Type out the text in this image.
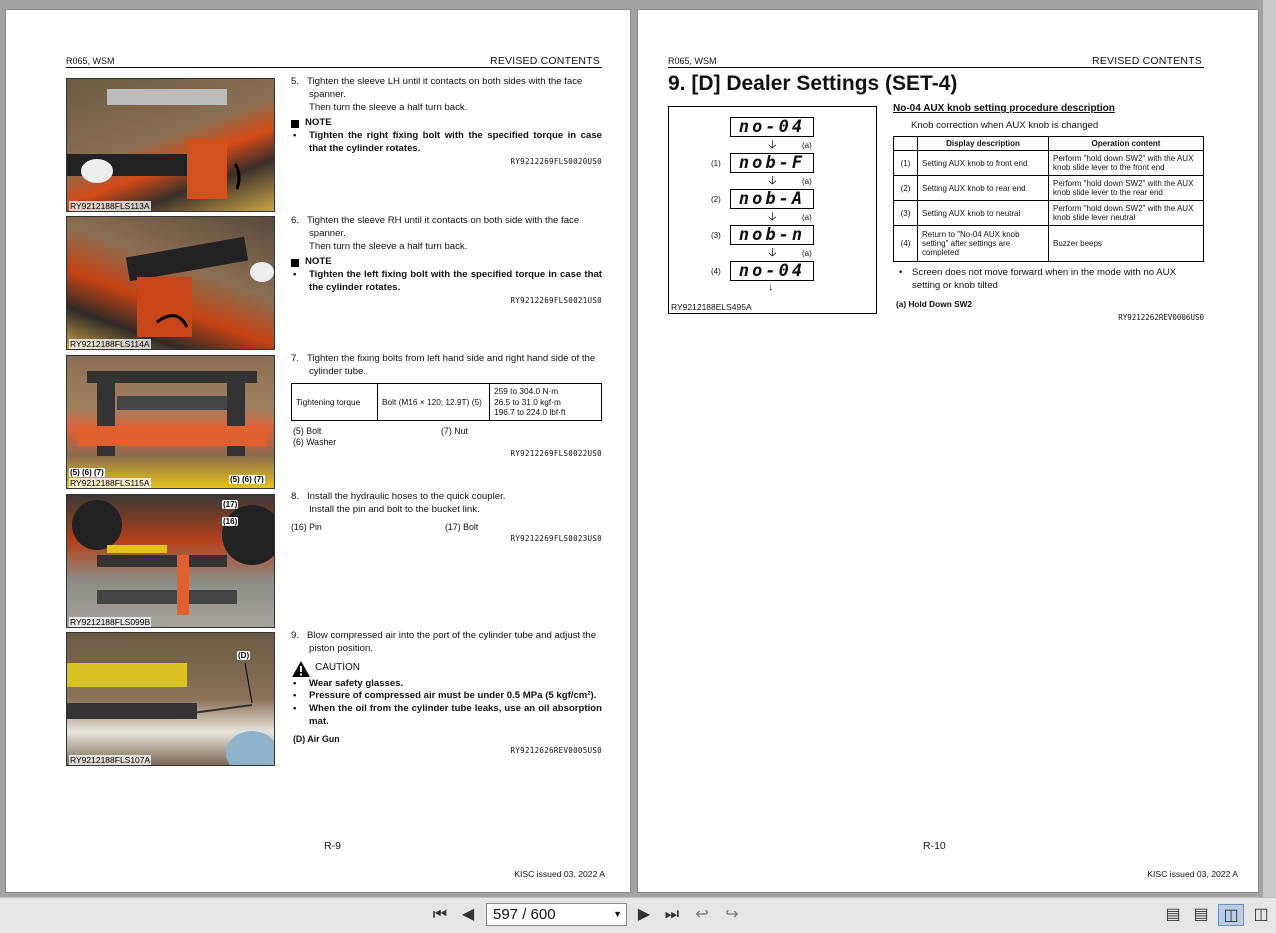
R065, WSM	REVISED CONTENTS
RY9212188FLS113A
RY9212188FLS114A
(5) (6) (7)
(5) (6) (7)
RY9212188FLS115A
(17)
(16)
RY9212188FLS099B
(D)
RY9212188FLS107A

5. Tighten the sleeve LH until it contacts on both sides with the face spanner.

Then turn the sleeve a half turn back.

NOTE

• Tighten the right fixing bolt with the specified torque in case that the cylinder rotates.

RY9212269FLS0020US0

6. Tighten the sleeve RH until it contacts on both side with the face spanner.

Then turn the sleeve a half turn back.

NOTE

• Tighten the left fixing bolt with the specified torque in case that the cylinder rotates.

RY9212269FLS0021US0

7. Tighten the fixing bolts from left hand side and right hand side of the cylinder tube.

Tightening torque	Bolt (M16 × 120; 12.9T) (5)	
259 to 304.0 N·m
26.5 to 31.0 kgf·m
196.7 to 224.0 lbf·ft
(5) Bolt	(7) Nut
(6) Washer

RY9212269FLS0022US0

8. Install the hydraulic hoses to the quick coupler.

Install the pin and bolt to the bucket link.

(16) Pin	(17) Bolt

RY9212269FLS0023US0

9. Blow compressed air into the port of the cylinder tube and adjust the piston position.

CAUTION

• Wear safety glasses.

• Pressure of compressed air must be under 0.5 MPa (5 kgf/cm²).

• When the oil from the cylinder tube leaks, use an oil absorption mat.

(D) Air Gun

RY9212626REV0005US0

R-9
KISC issued 03, 2022 A
R065, WSM	REVISED CONTENTS
9. [D] Dealer Settings (SET-4)
no-04
🡣	(a)
(1)	nob-F
🡣	(a)
(2)	nob-A
🡣	(a)
(3)	nob-n
🡣	(a)
(4)	no-04
↓
RY9212188ELS495A
No-04 AUX knob setting procedure description
Knob correction when AUX knob is changed
	Display description	Operation content
(1)	Setting AUX knob to front end	Perform "hold down SW2" with the AUX knob slide lever to the front end
(2)	Setting AUX knob to rear end	Perform "hold down SW2" with the AUX knob slide lever to the rear end
(3)	Setting AUX knob to neutral	Perform "hold down SW2" with the AUX knob slide lever neutral
(4)	Return to "No-04 AUX knob setting" after settings are completed	Buzzer beeps
• Screen does not move forward when in the mode with no AUX setting or knob tilted
(a) Hold Down SW2
RY9212262REV0006US0
R-10
KISC issued 03, 2022 A
⏮ ◀	597 / 600	▼ ▶ ⏭	↩	↪	▤ ▤ ◫ ◫
